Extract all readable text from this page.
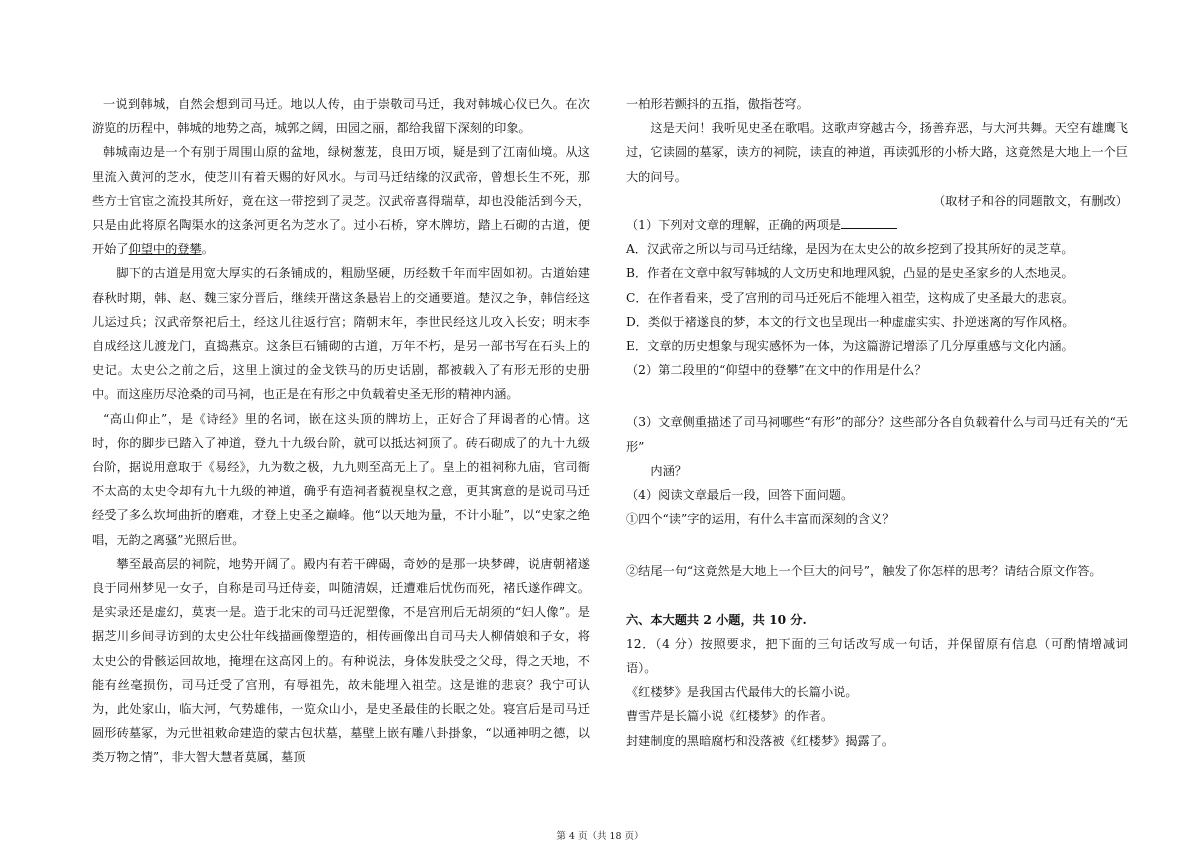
一说到韩城，自然会想到司马迁。地以人传，由于崇敬司马迁，我对韩城心仪已久。在次游览的历程中，韩城的地势之高，城郭之阔，田园之丽，都给我留下深刻的印象。

韩城南边是一个有别于周围山原的盆地，绿树葱茏，良田万顷，疑是到了江南仙境。从这里流入黄河的芝水，使芝川有着天赐的好风水。与司马迁结缘的汉武帝，曾想长生不死，那些方士官宦之流投其所好，竟在这一带挖到了灵芝。汉武帝喜得瑞草，却也没能活到今天，只是由此将原名陶渠水的这条河更名为芝水了。过小石桥，穿木牌坊，踏上石砌的古道，便开始了仰望中的登攀。

脚下的古道是用宽大厚实的石条铺成的，粗励坚硬，历经数千年而牢固如初。古道始建春秋时期，韩、赵、魏三家分晋后，继续开凿这条悬岩上的交通要道。楚汉之争，韩信经这儿运过兵；汉武帝祭祀后土，经这儿往返行宫；隋朝末年，李世民经这儿攻入长安；明末李自成经这儿渡龙门，直捣燕京。这条巨石铺砌的古道，万年不朽，是另一部书写在石头上的史记。太史公之前之后，这里上演过的金戈铁马的历史话剧，都被载入了有形无形的史册中。而这座历尽沧桑的司马祠，也正是在有形之中负载着史圣无形的精神内涵。

“高山仰止”，是《诗经》里的名词，嵌在这头顶的牌坊上，正好合了拜谒者的心情。这时，你的脚步已踏入了神道，登九十九级台阶，就可以抵达祠顶了。砖石砌成了的九十九级台阶，据说用意取于《易经》，九为数之极，九九则至高无上了。皇上的祖祠称九庙，官司衙不太高的太史令却有九十九级的神道，确乎有造祠者藐视皇权之意，更其寓意的是说司马迁经受了多么坎坷曲折的磨难，才登上史圣之巅峰。他“以天地为量，不计小耻”，以“史家之绝唱，无韵之离骚”光照后世。

攀至最高层的祠院，地势开阔了。殿内有若干碑碣，奇妙的是那一块梦碑，说唐朝褚遂良于同州梦见一女子，自称是司马迁侍妾，叫随清娱，迁遭难后忧伤而死，褚氏遂作碑文。是实录还是虚幻，莫衷一是。造于北宋的司马迁泥塑像，不是宫刑后无胡须的“妇人像”。是据芝川乡间寻访到的太史公壮年线描画像塑造的，相传画像出自司马夫人柳倩娘和子女，将太史公的骨骸运回故地，掩埋在这高冈上的。有种说法，身体发肤受之父母，得之天地，不能有丝毫损伤，司马迁受了宫刑，有辱祖先，故未能埋入祖茔。这是谁的悲哀？我宁可认为，此处家山，临大河，气势雄伟，一览众山小，是史圣最佳的长眠之处。寝宫后是司马迁圆形砖墓冢，为元世祖敕命建造的蒙古包状墓，墓壁上嵌有雕八卦掛象，“以通神明之德，以类万物之情”，非大智大慧者莫属，墓顶

一柏形若颤抖的五指，傲指苍穹。

这是天问！我听见史圣在歌唱。这歌声穿越古今，扬善弃恶，与大河共舞。天空有雄鹰飞过，它读圆的墓冢，读方的祠院，读直的神道，再读弧形的小桥大路，这竟然是大地上一个巨大的问号。

（取材子和谷的同题散文，有删改）

（1）下列对文章的理解，正确的两项是

A．汉武帝之所以与司马迁结缘，是因为在太史公的故乡挖到了投其所好的灵芝草。

B．作者在文章中叙写韩城的人文历史和地理风貌，凸显的是史圣家乡的人杰地灵。

C．在作者看来，受了宫刑的司马迁死后不能埋入祖茔，这构成了史圣最大的悲哀。

D．类似于褚遂良的梦，本文的行文也呈现出一种虚虚实实、扑逆迷离的写作风格。

E．文章的历史想象与现实感怀为一体，为这篇游记增添了几分厚重感与文化内涵。

（2）第二段里的“仰望中的登攀”在文中的作用是什么？

（3）文章侧重描述了司马祠哪些“有形”的部分？这些部分各自负载着什么与司马迁有关的“无形”

内涵？

（4）阅读文章最后一段，回答下面问题。

①四个“读”字的运用，有什么丰富而深刻的含义？

②结尾一句“这竟然是大地上一个巨大的问号”，触发了你怎样的思考？请结合原文作答。

六、本大题共 2 小题，共 10 分.

12．（4 分）按照要求，把下面的三句话改写成一句话，并保留原有信息（可酌情增减词语）。

《红楼梦》是我国古代最伟大的长篇小说。

曹雪芹是长篇小说《红楼梦》的作者。

封建制度的黑暗腐朽和没落被《红楼梦》揭露了。

第 4 页（共 18 页）
